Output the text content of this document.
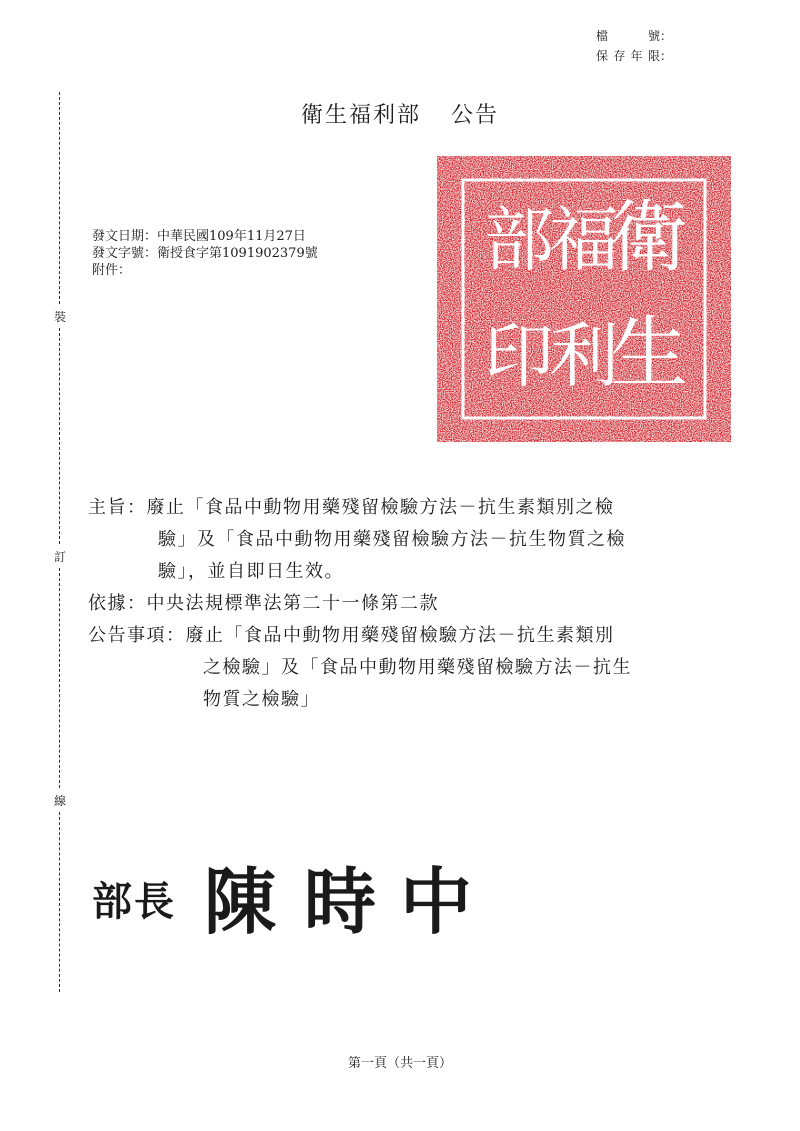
檔　　號：
保存年限：
裝
訂
線
衛生福利部 公告
發文日期：中華民國109年11月27日
發文字號：衛授食字第1091902379號
附件：	衛
生
福
利
部
印
主旨：廢止「食品中動物用藥殘留檢驗方法－抗生素類別之檢
驗」及「食品中動物用藥殘留檢驗方法－抗生物質之檢
驗」，並自即日生效。
依據：中央法規標準法第二十一條第二款
公告事項：廢止「食品中動物用藥殘留檢驗方法－抗生素類別
之檢驗」及「食品中動物用藥殘留檢驗方法－抗生
物質之檢驗」
部長 陳 時 中
第一頁（共一頁）
